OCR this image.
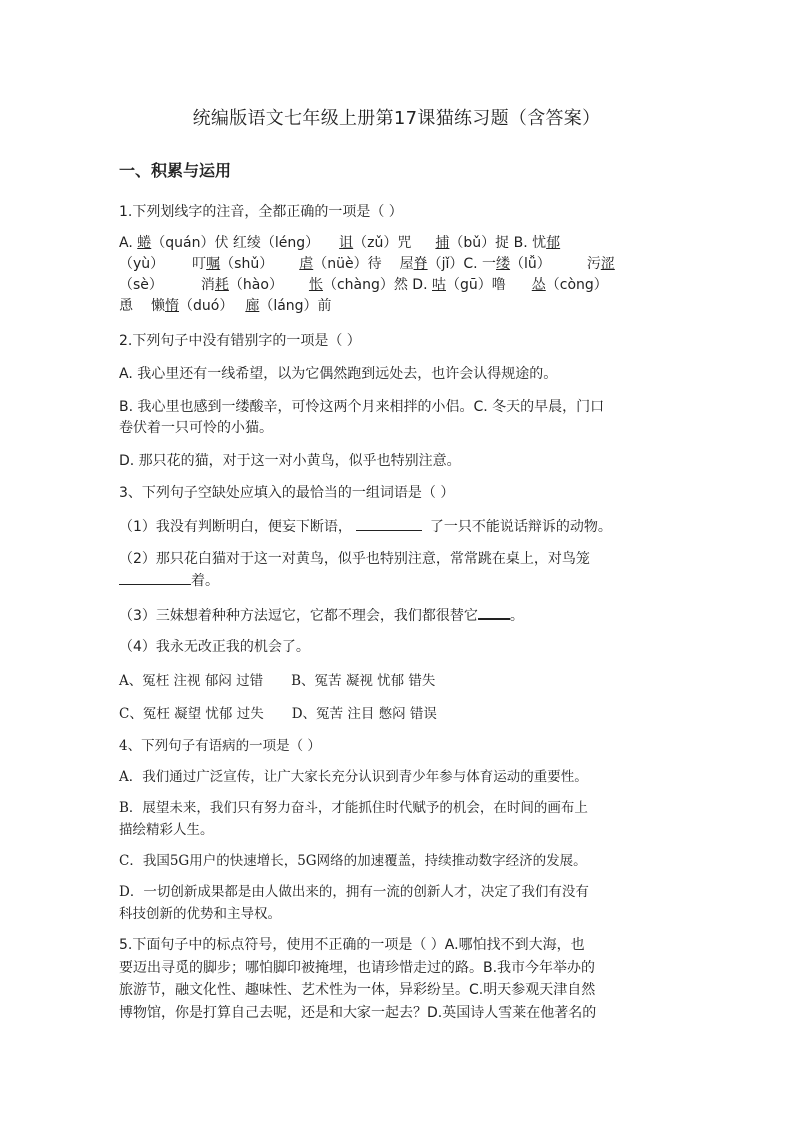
统编版语文七年级上册第17课猫练习题（含答案）
一、积累与运用
1.下列划线字的注音，全都正确的一项是（ ）
A. 蜷（quán）伏 红绫（léng） 诅（zǔ）咒 捕（bǔ）捉 B. 忧郁
（yù） 叮嘱（shǔ） 虐（nüè）待 屋脊（jǐ）C. 一缕（lǚ）	污涩
（sè）	消耗（hào） 怅（chàng）然 D. 咕（gū）噜 怂（còng）
恿 懒惰（duó） 廊（láng）前
2.下列句子中没有错别字的一项是（ ）
A. 我心里还有一线希望，以为它偶然跑到远处去，也许会认得规途的。
B. 我心里也感到一缕酸辛，可怜这两个月来相拌的小侣。C. 冬天的早晨，门口
卷伏着一只可怜的小猫。
D. 那只花的猫，对于这一对小黄鸟，似乎也特别注意。
3、下列句子空缺处应填入的最恰当的一组词语是（ ）
（1）我没有判断明白，便妄下断语，	了一只不能说话辩诉的动物。
（2）那只花白猫对于这一对黄鸟，似乎也特别注意，常常跳在桌上，对鸟笼
着。
（3）三妹想着种种方法逗它，它都不理会，我们都很替它 。
（4）我永无改正我的机会了。
A、冤枉 注视 郁闷 过错 B、冤苦 凝视 忧郁 错失
C、冤枉 凝望 忧郁 过失 D、冤苦 注目 憋闷 错误
4、下列句子有语病的一项是（ ）
A．我们通过广泛宣传，让广大家长充分认识到青少年参与体育运动的重要性。
B．展望未来，我们只有努力奋斗，才能抓住时代赋予的机会，在时间的画布上
描绘精彩人生。
C．我国5G用户的快速增长，5G网络的加速覆盖，持续推动数字经济的发展。
D．一切创新成果都是由人做出来的，拥有一流的创新人才，决定了我们有没有
科技创新的优势和主导权。
5.下面句子中的标点符号，使用不正确的一项是（ ）A.哪怕找不到大海，也
要迈出寻觅的脚步；哪怕脚印被掩埋，也请珍惜走过的路。B.我市今年举办的
旅游节，融文化性、趣味性、艺术性为一体，异彩纷呈。C.明天参观天津自然
博物馆，你是打算自己去呢，还是和大家一起去？D.英国诗人雪莱在他著名的
